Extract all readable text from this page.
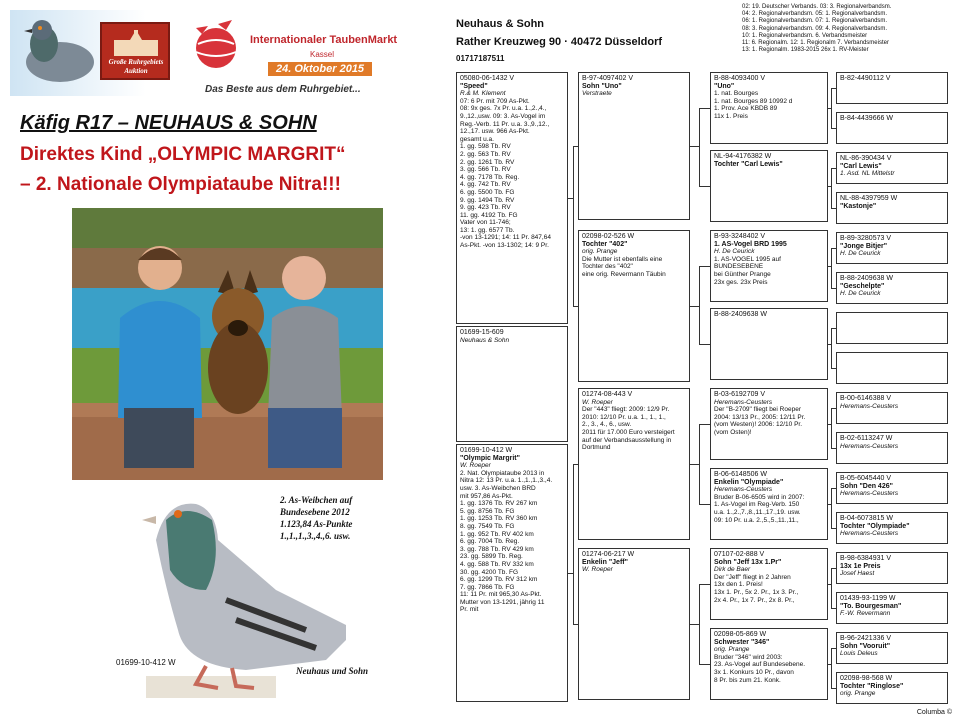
Große Ruhrgebiets Auktion
Internationaler TaubenMarkt
Kassel
24. Oktober 2015
Das Beste aus dem Ruhrgebiet...
Käfig R17 – NEUHAUS & SOHN
Direktes Kind „OLYMPIC MARGRIT“
– 2. Nationale Olympiataube Nitra!!!
2. As-Weibchen auf
Bundesebene 2012
1.123,84 As-Punkte
1.,1.,1.,3.,4.,6. usw.
01699-10-412 W
Neuhaus und Sohn
Neuhaus & Sohn
Rather Kreuzweg 90 · 40472 Düsseldorf
01717187511
02: 19. Deutscher Verbands. 03: 3. Regionalverbandsm.
04: 2. Regionalverbandsm. 05: 1. Regionalverbandsm.
06: 1. Regionalverbandsm. 07: 1. Regionalverbandsm.
08: 3. Regionalverbandsm. 09: 4. Regionalverbandsm.
10: 1. Regionalverbandsm. 6. Verbandsmeister
11: 6. Regionalm. 12: 1. Regionalm 7. Verbandsmeister
13: 1. Regionalm. 1983-2015 26x 1. RV-Meister
05080-06-1432 V
"Speed"
R.& M. Klement
07: 6 Pr. mit 709 As-Pkt.
08: 9x ges. 7x Pr. u.a. 1.,2.,4.,
9.,12.,usw. 09: 3. As-Vogel im
Reg.-Verb. 11 Pr. u.a. 3.,9.,12.,
12.,17. usw. 966 As-Pkt.
gesamt u.a.
1. gg. 598 Tb. RV
2. gg. 563 Tb. RV
2. gg. 1261 Tb. RV
3. gg. 566 Tb. RV
4. gg. 7178 Tb. Reg.
4. gg. 742 Tb. RV
6. gg. 5500 Tb. FG
9. gg. 1494 Tb. RV
9. gg. 423 Tb. RV
11. gg. 4192 Tb. FG
Vater von 11-746;
13: 1. gg. 6577 Tb.
-von 13-1291; 14: 11 Pr. 847,64
As-Pkt. -von 13-1302; 14: 9 Pr.
01699-15-609
Neuhaus & Sohn
01699-10-412 W
"Olympic Margrit"
W. Roeper
2. Nat. Olympiataube 2013 in
Nitra 12: 13 Pr. u.a. 1.,1.,1.,3.,4.
usw. 3. As-Weibchen BRD
mit 957,86 As-Pkt.
1. gg. 1376 Tb. RV 267 km
5. gg. 8756 Tb. FG
1. gg. 1253 Tb. RV 360 km
8. gg. 7549 Tb. FG
1. gg. 952 Tb. RV 402 km
6. gg. 7004 Tb. Reg.
3. gg. 788 Tb. RV 429 km
23. gg. 5899 Tb. Reg.
4. gg. 588 Tb. RV 332 km
30. gg. 4200 Tb. FG
6. gg. 1299 Tb. RV 312 km
7. gg. 7866 Tb. FG
11: 11 Pr. mit 965,30 As-Pkt.
Mutter von 13-1291, jährig 11
Pr. mit
B-97-4097402 V
Sohn "Uno"
Verstraete
02098-02-526 W
Tochter "402"
orig. Prange
Die Mutter ist ebenfalls eine
Tochter des "402"
eine orig. Revermann Täubin
01274-08-443 V
W. Roeper
Der "443" fliegt: 2009: 12/9 Pr.
2010: 12/10 Pr. u.a. 1., 1., 1.,
2., 3., 4., 6., usw.
2011 für 17.000 Euro versteigert
auf der Verbandsausstellung in
Dortmund
01274-06-217 W
Enkelin "Jeff"
W. Roeper
B-88-4093400 V
"Uno"
1. nat. Bourges
1. nat. Bourges 89 10992 d
1. Prov. Ace KBDB 89
11x 1. Preis
NL-94-4176382 W
Tochter "Carl Lewis"
B-93-3248402 V
1. AS-Vogel BRD 1995
H. De Ceurick
1. AS-VOGEL 1995 auf
BUNDESEBENE
bei Günther Prange
23x ges. 23x Preis
B-88-2409638 W
B-03-6192709 V
Heremans-Ceusters
Der "B-2709" fliegt bei Roeper
2004: 13/13 Pr., 2005: 12/11 Pr.
(vom Westen)! 2006: 12/10 Pr.
(vom Osten)!
B-06-6148506 W
Enkelin "Olympiade"
Heremans-Ceusters
Bruder B-06-6505 wird in 2007:
1. As-Vogel im Reg-Verb. 150
u.a. 1.,2.,7.,8.,11.,17.,19. usw.
09: 10 Pr. u.a. 2.,5.,5.,11.,11.,
07107-02-888 V
Sohn "Jeff 13x 1.Pr"
Dirk de Baer
Der "Jeff" fliegt in 2 Jahren
13x den 1. Preis!
13x 1. Pr., 5x 2. Pr., 1x 3. Pr.,
2x 4. Pr., 1x 7. Pr., 2x 8. Pr.,
02098-05-869 W
Schwester "346"
orig. Prange
Bruder "346" wird 2003:
23. As-Vogel auf Bundesebene.
3x 1. Konkurs 10 Pr., davon
8 Pr. bis zum 21. Konk.
B-82-4490112 V
B-84-4439666 W
NL-86-390434 V
"Carl Lewis"
1. Asd. NL Mittelstr
NL-88-4397959 W
"Kastonje"
B-89-3280573 V
"Jonge Bitjer"
H. De Ceurick
B-88-2409638 W
"Geschelpte"
H. De Ceurick
B-00-6146388 V
Heremans-Ceusters
B-02-6113247 W
Heremans-Ceusters
B-05-6045440 V
Sohn "Den 426"
Heremans-Ceusters
B-04-6073815 W
Tochter "Olympiade"
Heremans-Ceusters
B-98-6384931 V
13x 1e Preis
Josef Haest
01439-93-1199 W
"To. Bourgesman"
F.-W. Revermann
B-96-2421336 V
Sohn "Vooruit"
Louis Deleus
02098-98-568 W
Tochter "Ringlose"
orig. Prange
Columba ©
